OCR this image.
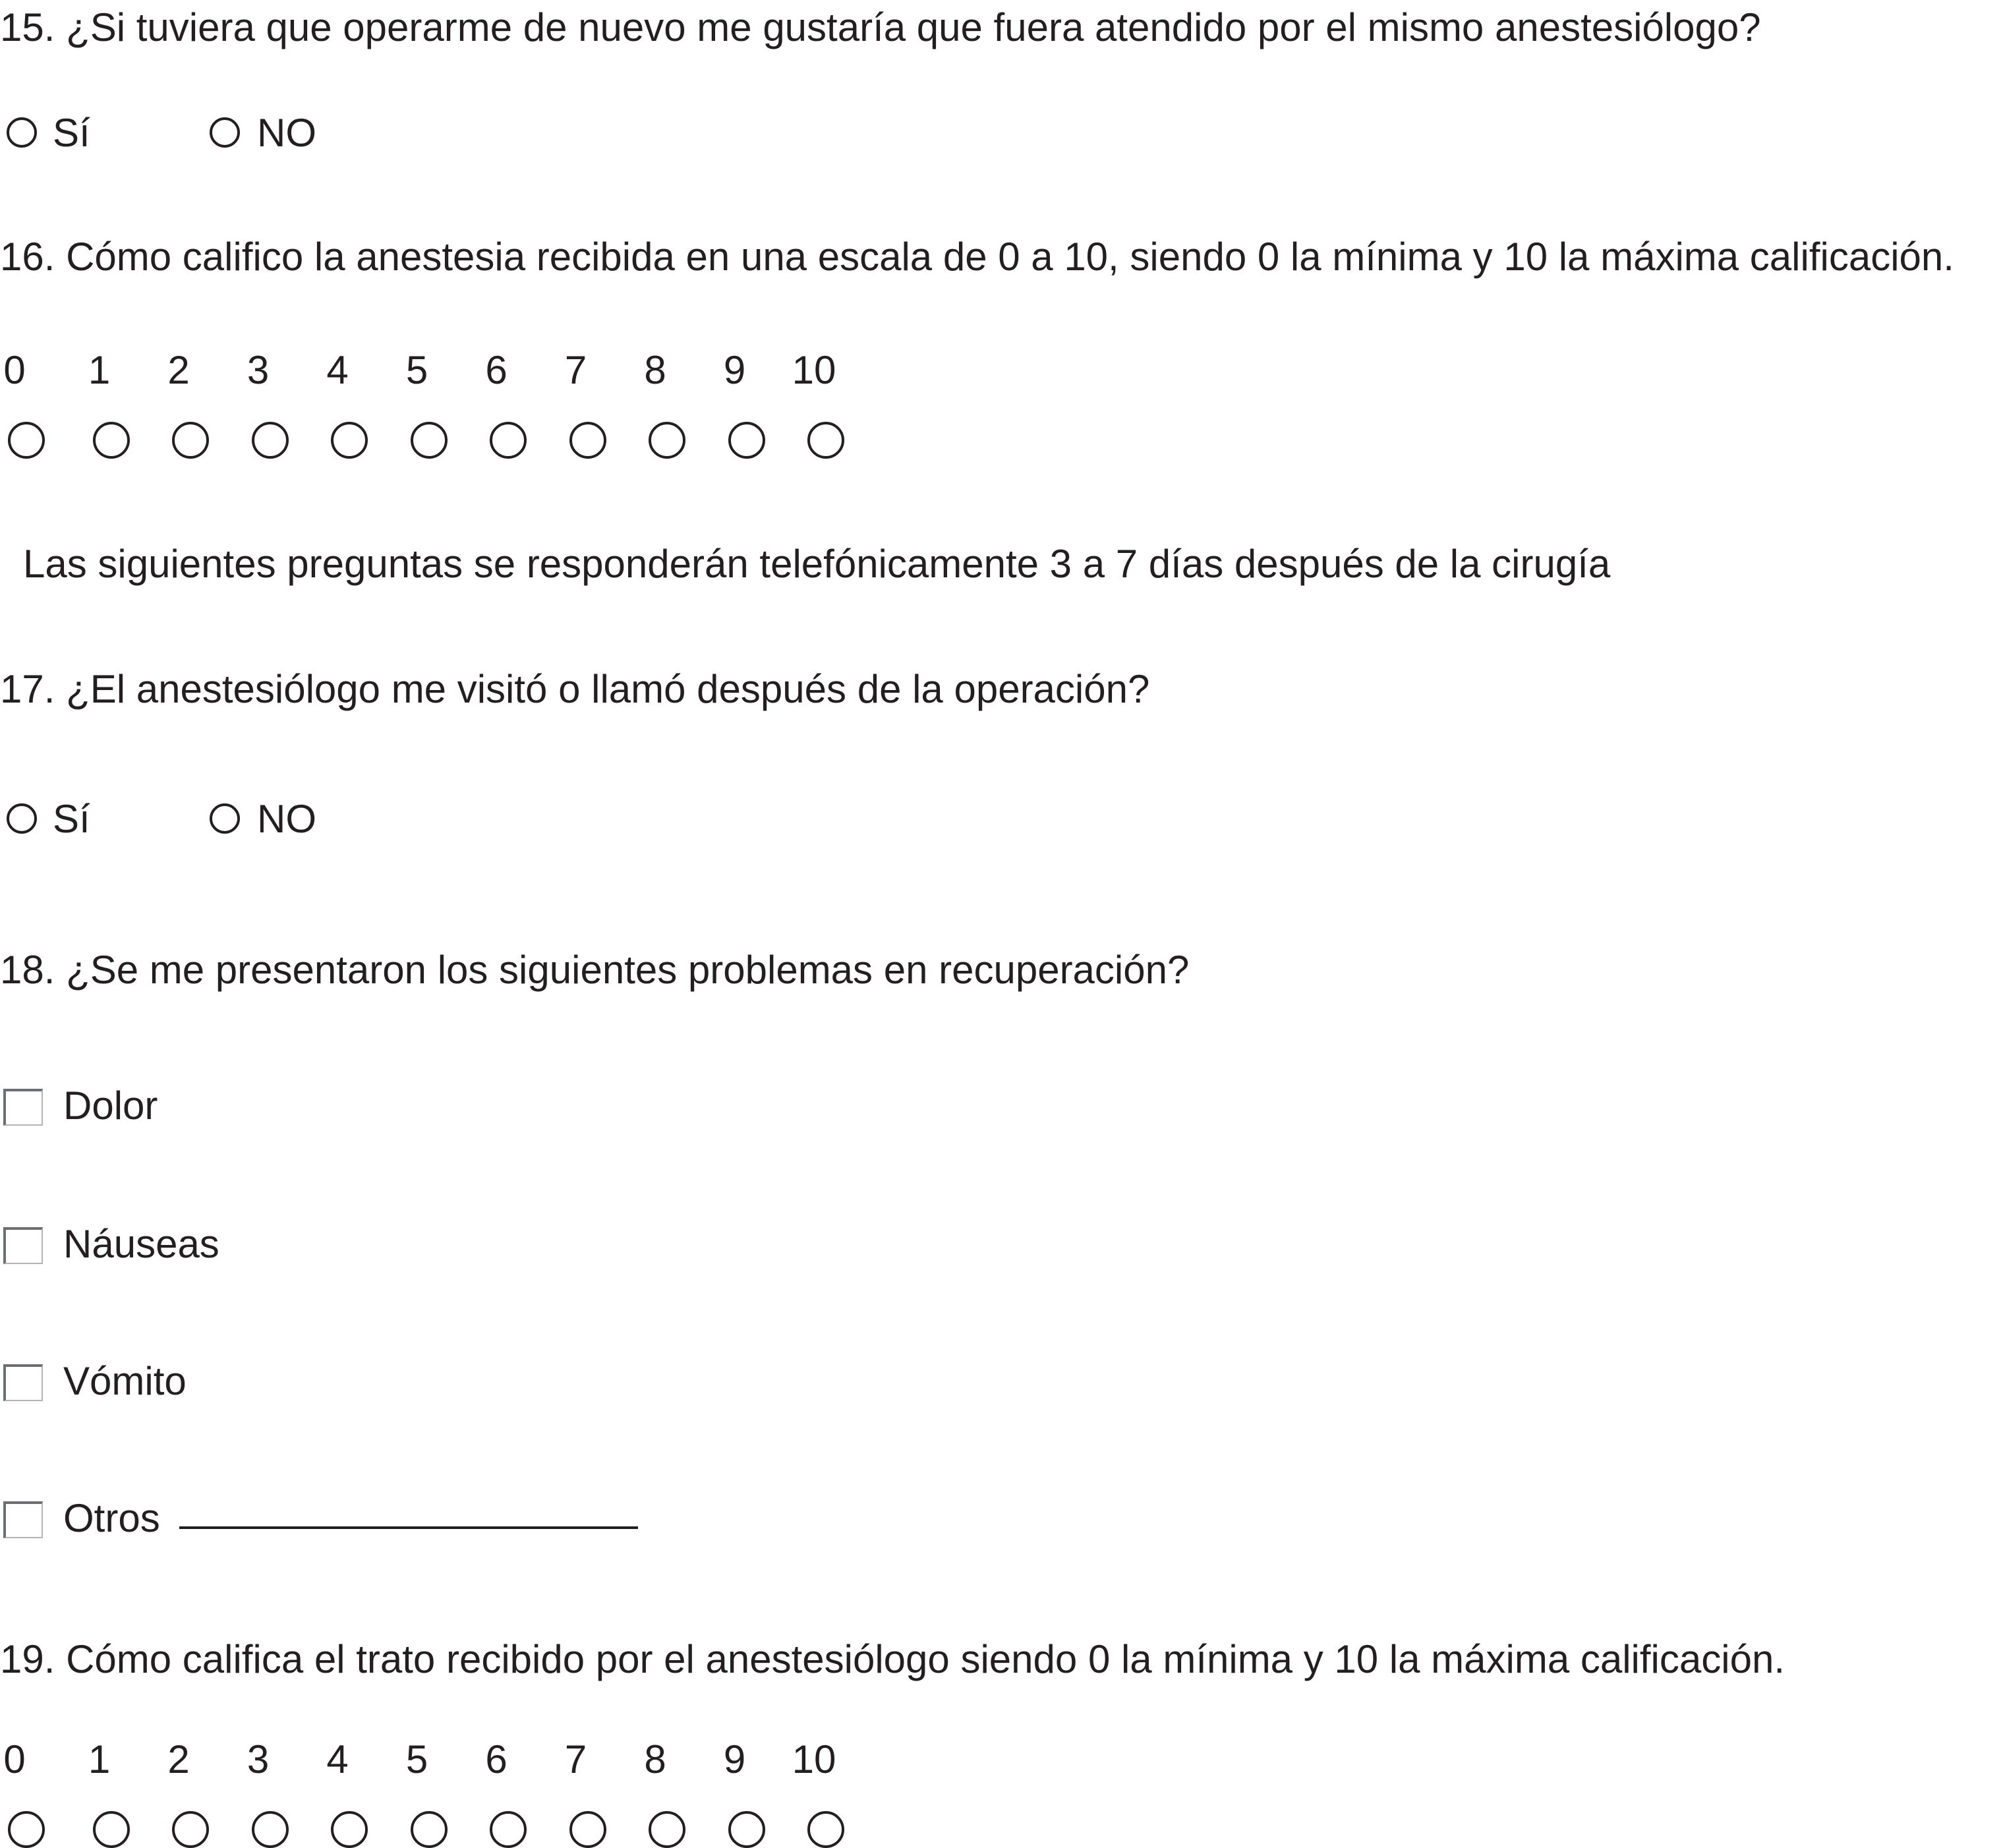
15. ¿Si tuviera que operarme de nuevo me gustaría que fuera atendido por el mismo anestesiólogo?
Sí	NO
16. Cómo califico la anestesia recibida en una escala de 0 a 10, siendo 0 la mínima y 10 la máxima calificación.
0	1	2	3	4	5	6	7	8	9	10
Las siguientes preguntas se responderán telefónicamente 3 a 7 días después de la cirugía
17. ¿El anestesiólogo me visitó o llamó después de la operación?
Sí	NO
18. ¿Se me presentaron los siguientes problemas en recuperación?
Dolor
Náuseas
Vómito
Otros
19. Cómo califica el trato recibido por el anestesiólogo siendo 0 la mínima y 10 la máxima calificación.
0	1	2	3	4	5	6	7	8	9	10
